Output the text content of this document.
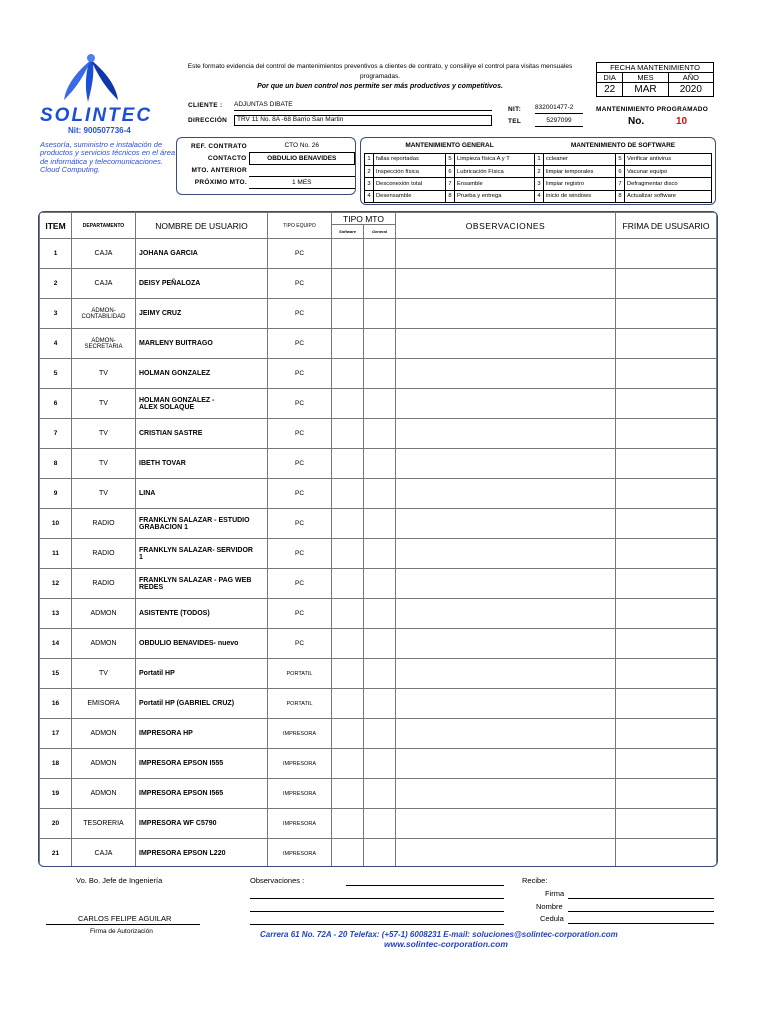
SOLINTEC
Nit: 900507736-4
Asesoría, suministro e instalación de productos y servicios técnicos en el área de informática y telecomunicaciones. Cloud Computing.
Este formato evidencia del control de mantenimientos preventivos a clientes de contrato, y consiliiye el control para visitas mensuales programadas.
Por que un buen control nos permite ser más productivos y competitivos.
FECHA MANTENIMIENTO		
DIA	MES	AÑO
22	MAR	2020
MANTENIMIENTO PROGRAMADO
No.	10
CLIENTE : ADJUNTAS DIBATE
DIRECCIÓN	TRV 11 No. 8A -68 Barrio San Martin
NIT: 832001477-2
TEL	5297099
REF. CONTRATO	CTO No. 26
CONTACTO	OBDULIO BENAVIDES
MTO. ANTERIOR	
PRÓXIMO MTO.	1 MES
MANTENIMIENTO GENERAL				MANTENIMIENTO DE SOFTWARE			
1	fallas reportadas	5	Limpieza física A y T	1	ccleaner	5	Verificar antivirus
2	Inspección física	6	Lubricación Física	2	limpiar temporales	6	Vacunar equipo
3	Desconexión total	7	Ensamble	3	limpiar registro	7	Defragmentar disco
4	Desensamble	8	Prueba y entrega	4	inicio de windows	8	Actualizar software
ITEM	DEPARTAMENTO	NOMBRE DE USUARIO	TIPO EQUIPO	TIPO MTO		OBSERVACIONES	FRIMA DE USUSARIO
				Software	General		
1	CAJA	JOHANA GARCIA	PC				
2	CAJA	DEISY PEÑALOZA	PC				
3	ADMON-
CONTABILIDAD	JEIMY CRUZ	PC				
4	ADMON-
SECRETARIA	MARLENY BUITRAGO	PC				
5	TV	HOLMAN GONZALEZ	PC				
6	TV	HOLMAN GONZALEZ -
ALEX SOLAQUE	PC				
7	TV	CRISTIAN SASTRE	PC				
8	TV	IBETH TOVAR	PC				
9	TV	LINA	PC				
10	RADIO	FRANKLYN SALAZAR - ESTUDIO
GRABACION 1	PC				
11	RADIO	FRANKLYN SALAZAR- SERVIDOR
1	PC				
12	RADIO	FRANKLYN SALAZAR - PAG WEB
REDES	PC				
13	ADMON	ASISTENTE (TODOS)	PC				
14	ADMON	OBDULIO BENAVIDES- nuevo	PC				
15	TV	Portatil HP	PORTATIL				
16	EMISORA	Portatil HP (GABRIEL CRUZ)	PORTATIL				
17	ADMON	IMPRESORA HP	IMPRESORA				
18	ADMON	IMPRESORA EPSON I555	IMPRESORA				
19	ADMON	IMPRESORA EPSON I565	IMPRESORA				
20	TESORERIA	IMPRESORA WF C5790	IMPRESORA				
21	CAJA	IMPRESORA EPSON L220	IMPRESORA				
Vo. Bo. Jefe de Ingeniería	Observaciones :	Recibe:
Firma
Nombre
Cedula
CARLOS FELIPE AGUILAR
Firma de Autorización	Carrera 61 No. 72A - 20 Telefax: (+57-1) 6008231 E-mail: soluciones@solintec-corporation.com
www.solintec-corporation.com
